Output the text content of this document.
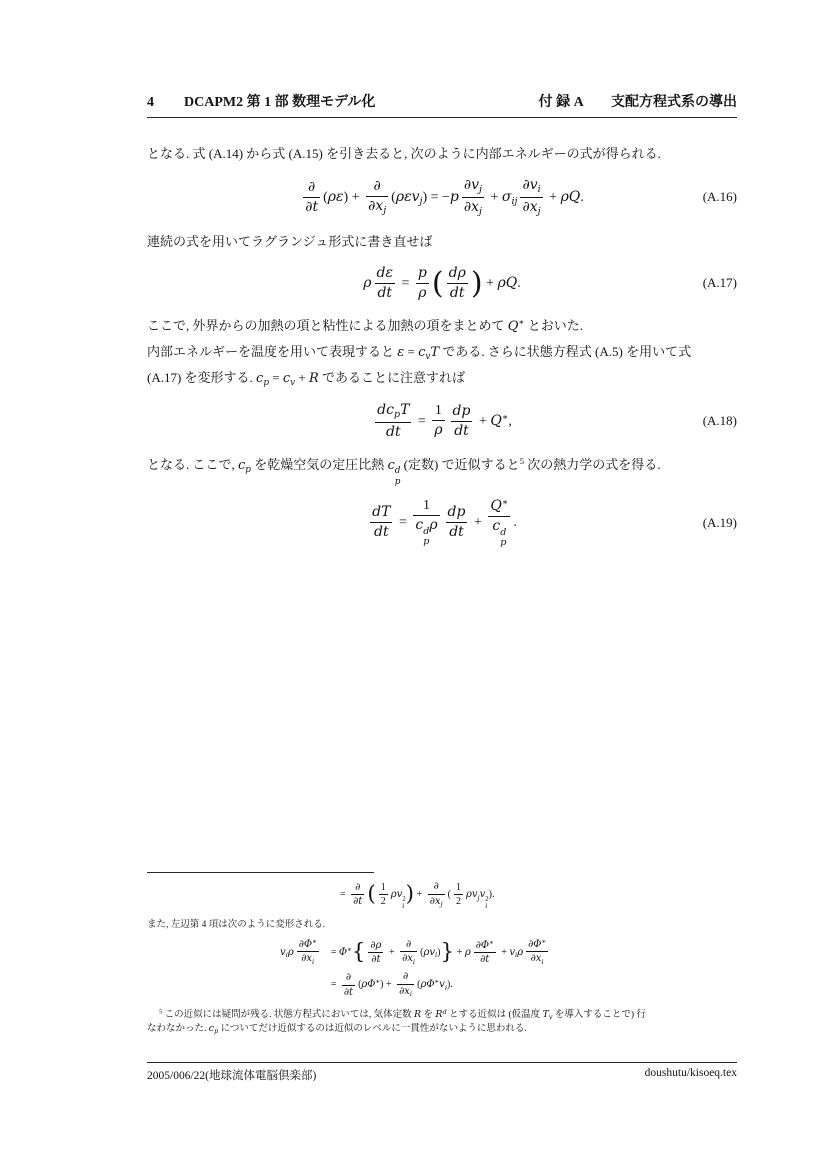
4 DCAPM2 第 1 部 数理モデル化	付 録 A　　支配方程式系の導出

となる. 式 (A.14) から式 (A.15) を引き去ると, 次のように内部エネルギーの式が得られる.

$\frac{\partial}{\partial t} (\rho\varepsilon) + \frac{\partial}{\partial x_j} (\rho\varepsilon v_j) = -p \frac{\partial v_j}{\partial x_j} + \sigma_{ij} \frac{\partial v_i}{\partial x_j} + \rho Q$.	(A.16)

連続の式を用いてラグランジュ形式に書き直せば

ρ $\frac{d\varepsilon}{dt} = \frac{p}{\rho}$ ( $\frac{d\rho}{dt}$ ) + ρQ.	(A.17)

ここで, 外界からの加熱の項と粘性による加熱の項をまとめて Q∗ とおいた.
内部エネルギーを温度を用いて表現すると $\varepsilon = c_vT$ である. さらに状態方程式 (A.5) を用いて式
(A.17) を変形する. $c_p = c_v + R$ であることに注意すれば

$\frac{dc_pT}{dt} = \frac{1}{\rho} \frac{dp}{dt} + Q^∗$,	(A.18)

となる. ここで, $c_p$ を乾燥空気の定圧比熱 c d
p
(定数) で近似すると$^5$ 次の熱力学の式を得る.

$\frac{dT}{dt} = 1$
c d
p
ρ $\frac{dp}{dt} + Q^∗$
c d
p .	(A.19)
= $\frac{\partial}{\partial t}$ ( $\frac{1}{2}$ ρv 2
i ) + $\frac{\partial}{\partial x_j}$ ( $\frac{1}{2} \rho v_jv$ 2
i
).

また, 左辺第 4 項は次のように変形される.

$v_i\rho \frac{\partial\Phi^∗}{\partial x_i} = \Phi^∗\{ \frac{\partial\rho}{\partial t} + \frac{\partial}{\partial x_i} (\rho v_i)\} + \rho \frac{\partial\Phi^∗}{\partial t} + v_i\rho \frac{\partial\Phi^∗}{\partial x_i}$
= $\frac{\partial}{\partial t} (\rho\Phi^∗) + \frac{\partial}{\partial x_i} (\rho\Phi^∗v_i)$.

$^5$ この近似には疑問が残る. 状態方程式においては, 気体定数 R を $R^d$ とする近似は (仮温度 $T_v$ を導入することで) 行
なわなかった. $c_p$ についてだけ近似するのは近似のレベルに一貫性がないように思われる.

2005/006/22(地球流体電脳倶楽部)	doushutu/kisoeq.tex
